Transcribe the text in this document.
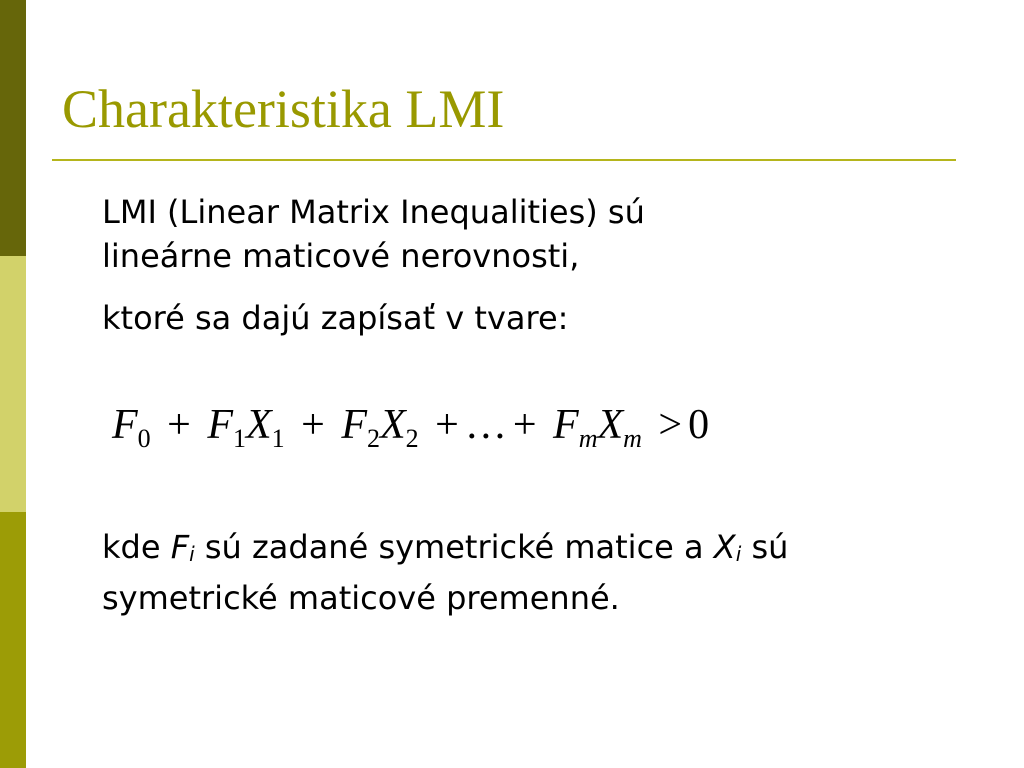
Charakteristika LMI

LMI (Linear Matrix Inequalities) sú
lineárne maticové nerovnosti,

ktoré sa dajú zapísať v tvare:

$F_0 + F_1X_1 + F_2X_2$ + … + $F_mX_m > 0$

kde Fi sú zadané symetrické matice a Xi sú
symetrické maticové premenné.
